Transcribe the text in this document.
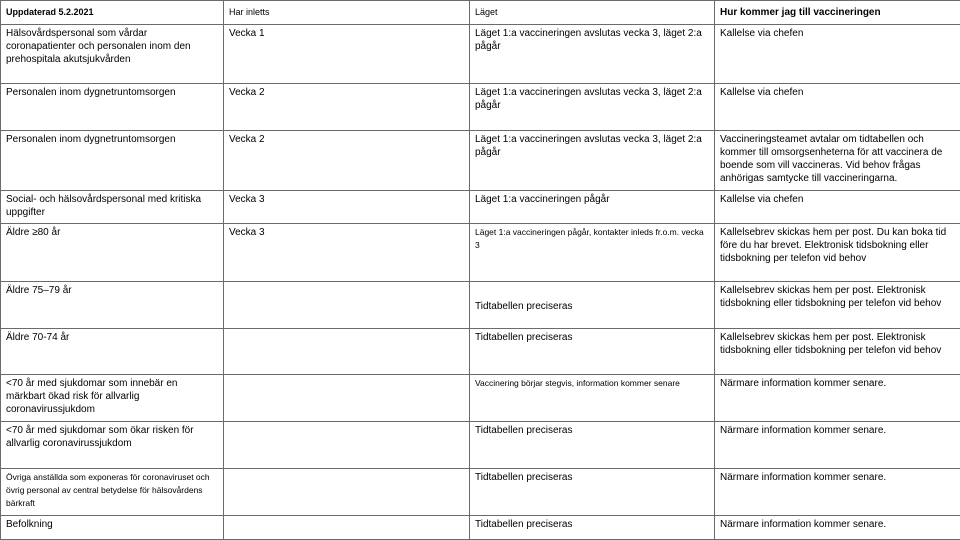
Uppdaterad 5.2.2021	Har inletts	Läget	Hur kommer jag till vaccineringen
Hälsovårdspersonal som vårdar coronapatienter och personalen inom den prehospitala akutsjukvården	Vecka 1	Läget 1:a vaccineringen avslutas vecka 3, läget 2:a pågår	Kallelse via chefen
Personalen inom dygnetruntomsorgen	Vecka 2	Läget 1:a vaccineringen avslutas vecka 3, läget 2:a pågår	Kallelse via chefen
Personalen inom dygnetruntomsorgen	Vecka 2	Läget 1:a vaccineringen avslutas vecka 3, läget 2:a pågår	Vaccineringsteamet avtalar om tidtabellen och kommer till omsorgsenheterna för att vaccinera de boende som vill vaccineras. Vid behov frågas anhörigas samtycke till vaccineringarna.
Social- och hälsovårdspersonal med kritiska uppgifter	Vecka 3	Läget 1:a vaccineringen pågår	Kallelse via chefen
Äldre ≥80 år	Vecka 3	Läget 1:a vaccineringen pågår, kontakter inleds fr.o.m. vecka 3	Kallelsebrev skickas hem per post. Du kan boka tid före du har brevet. Elektronisk tidsbokning eller tidsbokning per telefon vid behov
Äldre 75–79 år		Tidtabellen preciseras	Kallelsebrev skickas hem per post. Elektronisk tidsbokning eller tidsbokning per telefon vid behov
Äldre 70-74 år		Tidtabellen preciseras	Kallelsebrev skickas hem per post. Elektronisk tidsbokning eller tidsbokning per telefon vid behov
<70 år med sjukdomar som innebär en märkbart ökad risk för allvarlig coronavirussjukdom		Vaccinering börjar stegvis, information kommer senare	Närmare information kommer senare.
<70 år med sjukdomar som ökar risken för allvarlig coronavirussjukdom		Tidtabellen preciseras	Närmare information kommer senare.
Övriga anställda som exponeras för coronaviruset och övrig personal av central betydelse för hälsovårdens bärkraft		Tidtabellen preciseras	Närmare information kommer senare.
Befolkning		Tidtabellen preciseras	Närmare information kommer senare.
